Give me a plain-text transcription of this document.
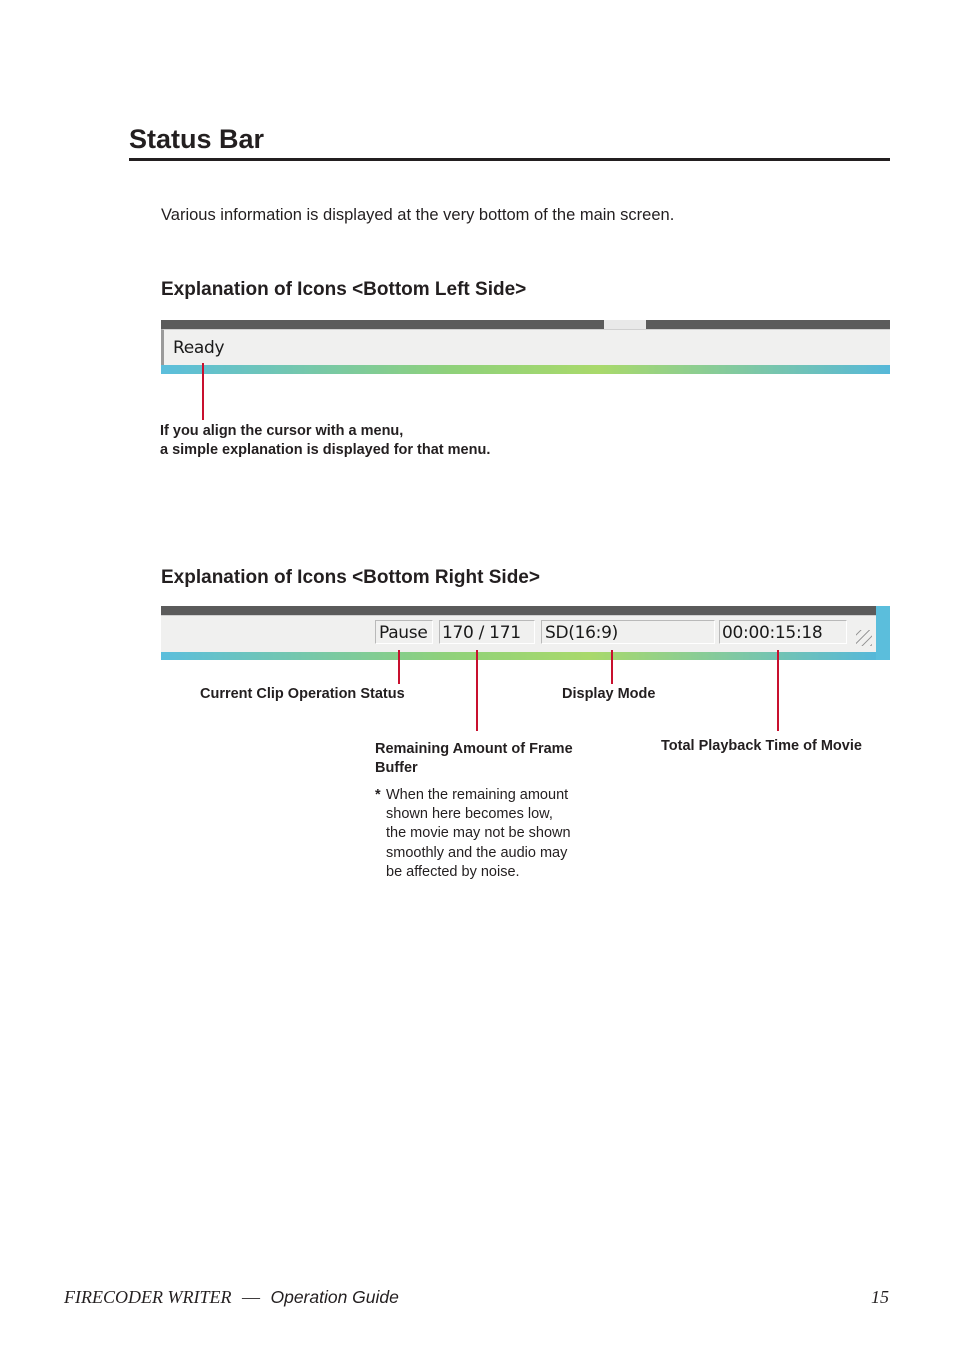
Status Bar
Various information is displayed at the very bottom of the main screen.
Explanation of Icons <Bottom Left Side>
Ready
If you align the cursor with a menu,
a simple explanation is displayed for that menu.
Explanation of Icons <Bottom Right Side>
Pause 170 / 171 SD(16:9)	00:00:15:18
Current Clip Operation Status	Display Mode
Remaining Amount of Frame
Buffer
Total Playback Time of Movie
* When the remaining amount
shown here becomes low,
the movie may not be shown
smoothly and the audio may
be affected by noise.
FIRECODER WRITER — Operation Guide	15
